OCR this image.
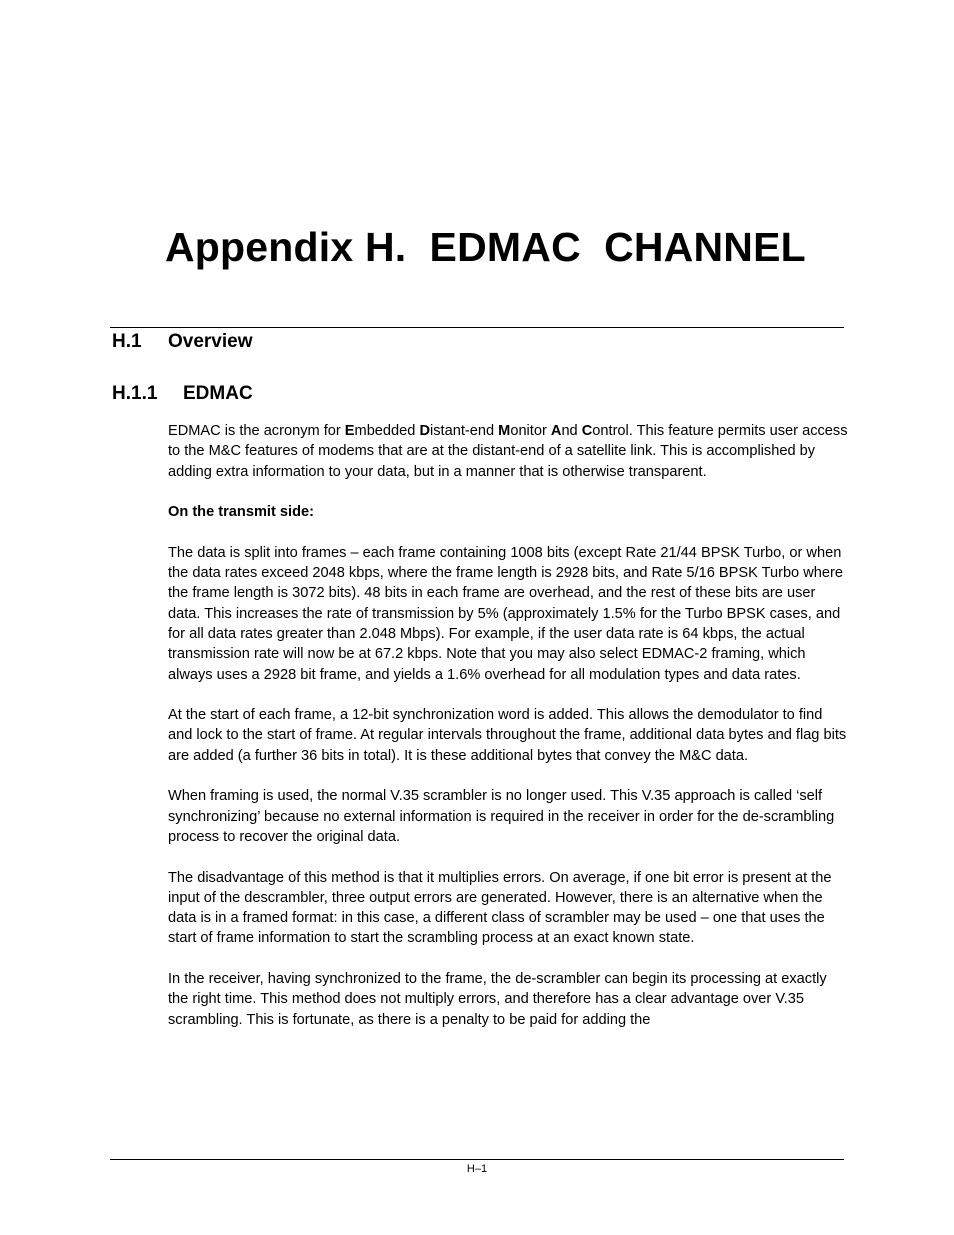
Appendix H.  EDMAC  CHANNEL
H.1 Overview
H.1.1 EDMAC

EDMAC is the acronym for Embedded Distant-end Monitor And Control. This feature permits user access to the M&C features of modems that are at the distant-end of a satellite link. This is accomplished by adding extra information to your data, but in a manner that is otherwise transparent.

On the transmit side:

The data is split into frames – each frame containing 1008 bits (except Rate 21/44 BPSK Turbo, or when the data rates exceed 2048 kbps, where the frame length is 2928 bits, and Rate 5/16 BPSK Turbo where the frame length is 3072 bits). 48 bits in each frame are overhead, and the rest of these bits are user data. This increases the rate of transmission by 5% (approximately 1.5% for the Turbo BPSK cases, and for all data rates greater than 2.048 Mbps). For example, if the user data rate is 64 kbps, the actual transmission rate will now be at 67.2 kbps. Note that you may also select EDMAC-2 framing, which always uses a 2928 bit frame, and yields a 1.6% overhead for all modulation types and data rates.

At the start of each frame, a 12-bit synchronization word is added. This allows the demodulator to find and lock to the start of frame. At regular intervals throughout the frame, additional data bytes and flag bits are added (a further 36 bits in total). It is these additional bytes that convey the M&C data.

When framing is used, the normal V.35 scrambler is no longer used. This V.35 approach is called ‘self synchronizing’ because no external information is required in the receiver in order for the de-scrambling process to recover the original data.

The disadvantage of this method is that it multiplies errors. On average, if one bit error is present at the input of the descrambler, three output errors are generated. However, there is an alternative when the data is in a framed format: in this case, a different class of scrambler may be used – one that uses the start of frame information to start the scrambling process at an exact known state.

In the receiver, having synchronized to the frame, the de-scrambler can begin its processing at exactly the right time. This method does not multiply errors, and therefore has a clear advantage over V.35 scrambling. This is fortunate, as there is a penalty to be paid for adding the

H–1
